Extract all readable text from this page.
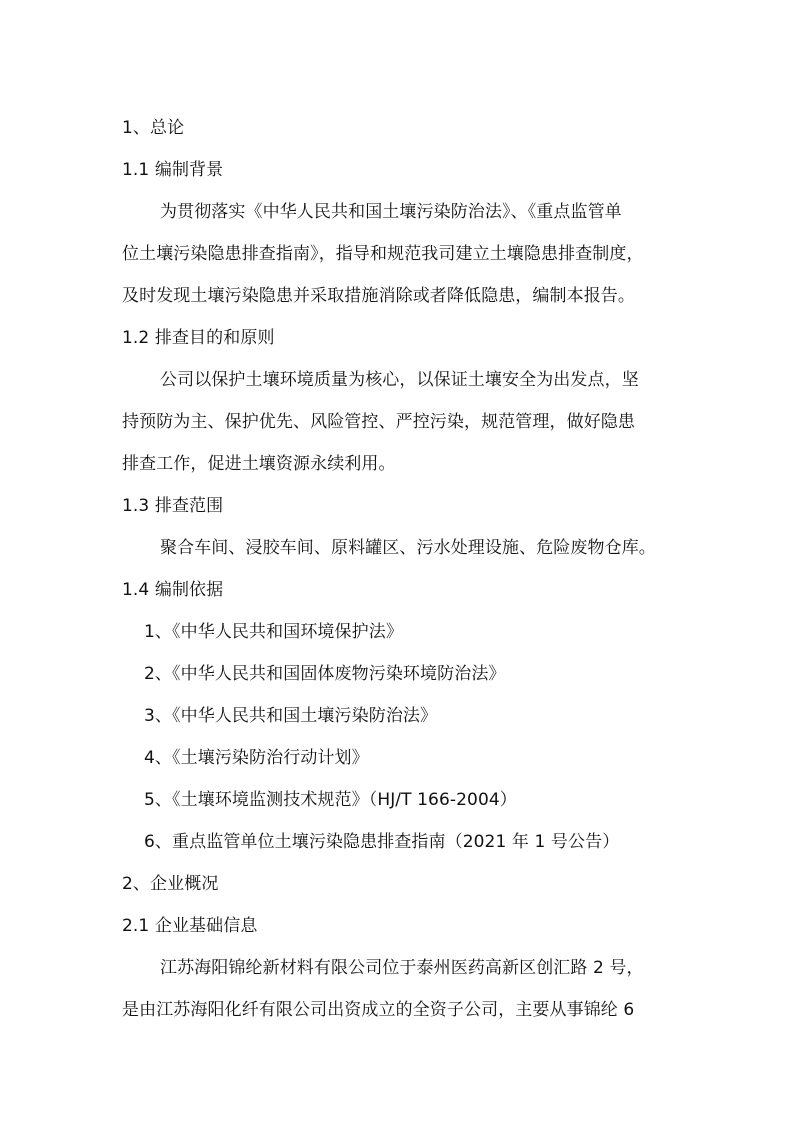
1、总论
1.1 编制背景
为贯彻落实《中华人民共和国土壤污染防治法》、《重点监管单
位土壤污染隐患排查指南》，指导和规范我司建立土壤隐患排查制度，
及时发现土壤污染隐患并采取措施消除或者降低隐患，编制本报告。
1.2 排查目的和原则
公司以保护土壤环境质量为核心，以保证土壤安全为出发点，坚
持预防为主、保护优先、风险管控、严控污染，规范管理，做好隐患
排查工作，促进土壤资源永续利用。
1.3 排查范围
聚合车间、浸胶车间、原料罐区、污水处理设施、危险废物仓库。
1.4 编制依据
1、《中华人民共和国环境保护法》
2、《中华人民共和国固体废物污染环境防治法》
3、《中华人民共和国土壤污染防治法》
4、《土壤污染防治行动计划》
5、《土壤环境监测技术规范》（HJ/T 166-2004）
6、重点监管单位土壤污染隐患排查指南（2021 年 1 号公告）
2、企业概况
2.1 企业基础信息
江苏海阳锦纶新材料有限公司位于泰州医药高新区创汇路 2 号，
是由江苏海阳化纤有限公司出资成立的全资子公司，主要从事锦纶 6
